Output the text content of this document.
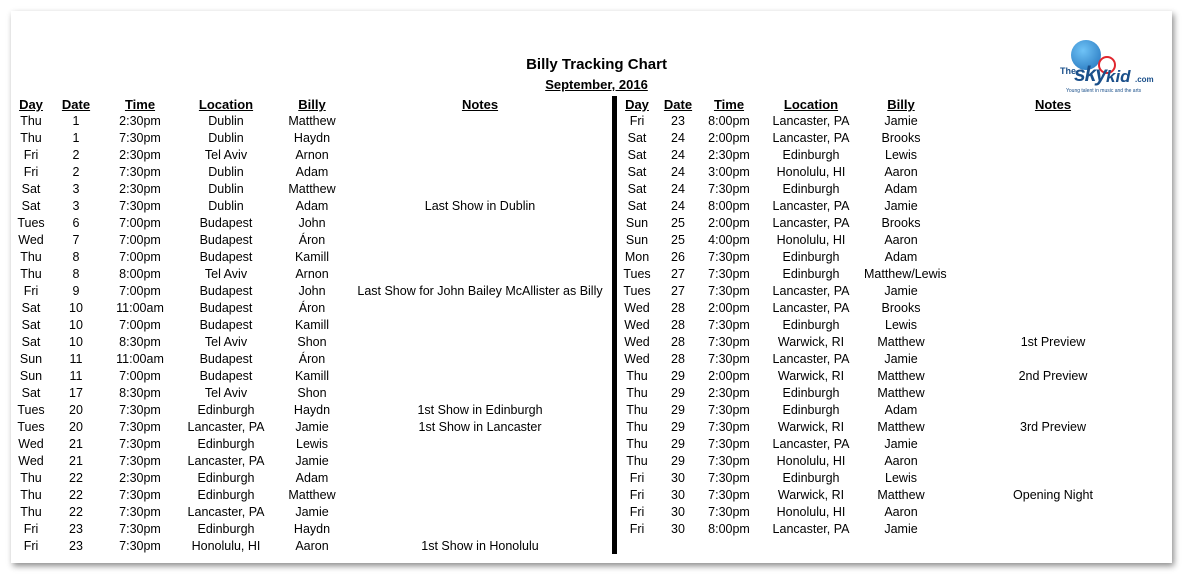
Billy Tracking Chart
September, 2016
The
sky kid .com
Young talent in music and the arts
Day	Date	Time	Location	Billy	Notes
Thu	1	2:30pm	Dublin	Matthew	
Thu	1	7:30pm	Dublin	Haydn	
Fri	2	2:30pm	Tel Aviv	Arnon	
Fri	2	7:30pm	Dublin	Adam	
Sat	3	2:30pm	Dublin	Matthew	
Sat	3	7:30pm	Dublin	Adam	Last Show in Dublin
Tues	6	7:00pm	Budapest	John	
Wed	7	7:00pm	Budapest	Áron	
Thu	8	7:00pm	Budapest	Kamill	
Thu	8	8:00pm	Tel Aviv	Arnon	
Fri	9	7:00pm	Budapest	John	Last Show for John Bailey McAllister as Billy
Sat	10	11:00am	Budapest	Áron	
Sat	10	7:00pm	Budapest	Kamill	
Sat	10	8:30pm	Tel Aviv	Shon	
Sun	11	11:00am	Budapest	Áron	
Sun	11	7:00pm	Budapest	Kamill	
Sat	17	8:30pm	Tel Aviv	Shon	
Tues	20	7:30pm	Edinburgh	Haydn	1st Show in Edinburgh
Tues	20	7:30pm	Lancaster, PA	Jamie	1st Show in Lancaster
Wed	21	7:30pm	Edinburgh	Lewis	
Wed	21	7:30pm	Lancaster, PA	Jamie	
Thu	22	2:30pm	Edinburgh	Adam	
Thu	22	7:30pm	Edinburgh	Matthew	
Thu	22	7:30pm	Lancaster, PA	Jamie	
Fri	23	7:30pm	Edinburgh	Haydn	
Fri	23	7:30pm	Honolulu, HI	Aaron	1st Show in Honolulu
Day	Date	Time	Location	Billy	Notes
Fri	23	8:00pm	Lancaster, PA	Jamie	
Sat	24	2:00pm	Lancaster, PA	Brooks	
Sat	24	2:30pm	Edinburgh	Lewis	
Sat	24	3:00pm	Honolulu, HI	Aaron	
Sat	24	7:30pm	Edinburgh	Adam	
Sat	24	8:00pm	Lancaster, PA	Jamie	
Sun	25	2:00pm	Lancaster, PA	Brooks	
Sun	25	4:00pm	Honolulu, HI	Aaron	
Mon	26	7:30pm	Edinburgh	Adam	
Tues	27	7:30pm	Edinburgh	Matthew/Lewis	
Tues	27	7:30pm	Lancaster, PA	Jamie	
Wed	28	2:00pm	Lancaster, PA	Brooks	
Wed	28	7:30pm	Edinburgh	Lewis	
Wed	28	7:30pm	Warwick, RI	Matthew	1st Preview
Wed	28	7:30pm	Lancaster, PA	Jamie	
Thu	29	2:00pm	Warwick, RI	Matthew	2nd Preview
Thu	29	2:30pm	Edinburgh	Matthew	
Thu	29	7:30pm	Edinburgh	Adam	
Thu	29	7:30pm	Warwick, RI	Matthew	3rd Preview
Thu	29	7:30pm	Lancaster, PA	Jamie	
Thu	29	7:30pm	Honolulu, HI	Aaron	
Fri	30	7:30pm	Edinburgh	Lewis	
Fri	30	7:30pm	Warwick, RI	Matthew	Opening Night
Fri	30	7:30pm	Honolulu, HI	Aaron	
Fri	30	8:00pm	Lancaster, PA	Jamie	
